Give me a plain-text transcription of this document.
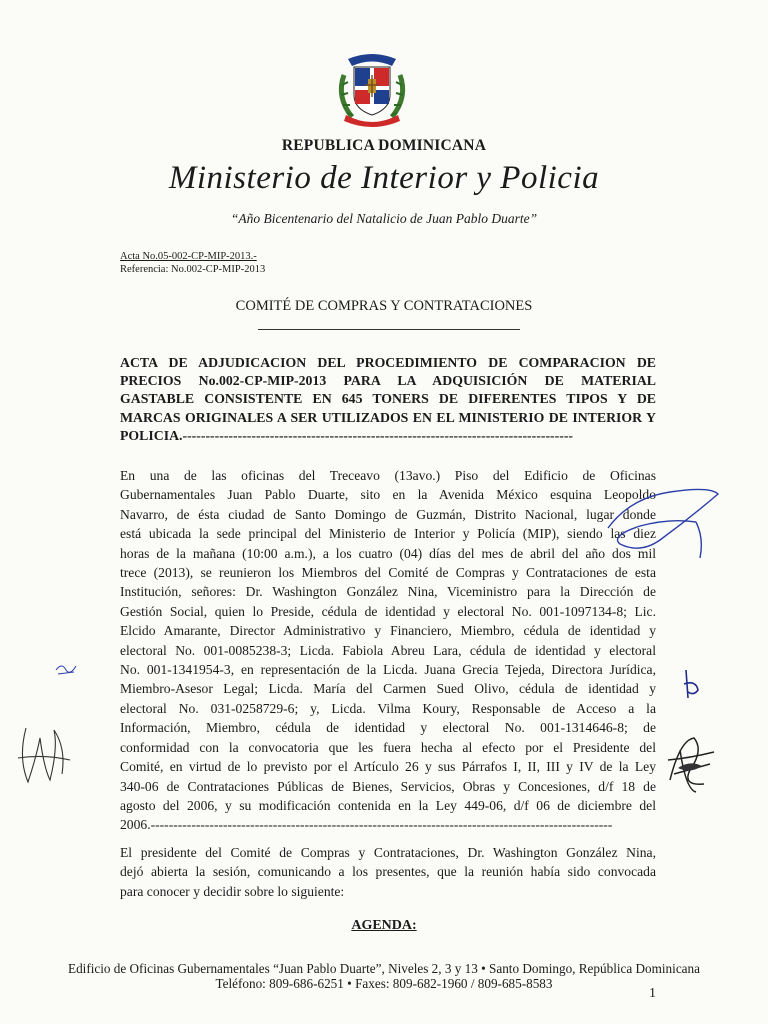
REPUBLICA DOMINICANA
Ministerio de Interior y Policia
“Año Bicentenario del Natalicio de Juan Pablo Duarte”
Acta No.05-002-CP-MIP-2013.-
Referencia: No.002-CP-MIP-2013
COMITÉ DE COMPRAS Y CONTRATACIONES
ACTA DE ADJUDICACION DEL PROCEDIMIENTO DE COMPARACION DE
PRECIOS No.002-CP-MIP-2013 PARA LA ADQUISICIÓN DE MATERIAL
GASTABLE CONSISTENTE EN 645 TONERS DE DIFERENTES TIPOS Y DE
MARCAS ORIGINALES A SER UTILIZADOS EN EL MINISTERIO DE INTERIOR Y
POLICIA.-------------------------------------------------------------------------------------
En una de las oficinas del Treceavo (13avo.) Piso del Edificio de Oficinas
Gubernamentales Juan Pablo Duarte, sito en la Avenida México esquina Leopoldo
Navarro, de ésta ciudad de Santo Domingo de Guzmán, Distrito Nacional, lugar donde
está ubicada la sede principal del Ministerio de Interior y Policía (MIP), siendo las diez
horas de la mañana (10:00 a.m.), a los cuatro (04) días del mes de abril del año dos mil
trece (2013), se reunieron los Miembros del Comité de Compras y Contrataciones de esta
Institución, señores: Dr. Washington González Nina, Viceministro para la Dirección de
Gestión Social, quien lo Preside, cédula de identidad y electoral No. 001-1097134-8; Lic.
Elcido Amarante, Director Administrativo y Financiero, Miembro, cédula de identidad y
electoral No. 001-0085238-3; Licda. Fabiola Abreu Lara, cédula de identidad y electoral
No. 001-1341954-3, en representación de la Licda. Juana Grecia Tejeda, Directora Jurídica,
Miembro-Asesor Legal; Licda. María del Carmen Sued Olivo, cédula de identidad y
electoral No. 031-0258729-6; y, Licda. Vilma Koury, Responsable de Acceso a la
Información, Miembro, cédula de identidad y electoral No. 001-1314646-8; de
conformidad con la convocatoria que les fuera hecha al efecto por el Presidente del
Comité, en virtud de lo previsto por el Artículo 26 y sus Párrafos I, II, III y IV de la Ley
340-06 de Contrataciones Públicas de Bienes, Servicios, Obras y Concesiones, d/f 18 de
agosto del 2006, y su modificación contenida en la Ley 449-06, d/f 06 de diciembre del
2006.------------------------------------------------------------------------------------------------------
El presidente del Comité de Compras y Contrataciones, Dr. Washington González Nina,
dejó abierta la sesión, comunicando a los presentes, que la reunión había sido convocada
para conocer y decidir sobre lo siguiente:
AGENDA:
Edificio de Oficinas Gubernamentales “Juan Pablo Duarte”, Niveles 2, 3 y 13 • Santo Domingo, República Dominicana
Teléfono: 809-686-6251 • Faxes: 809-682-1960 / 809-685-8583
1
